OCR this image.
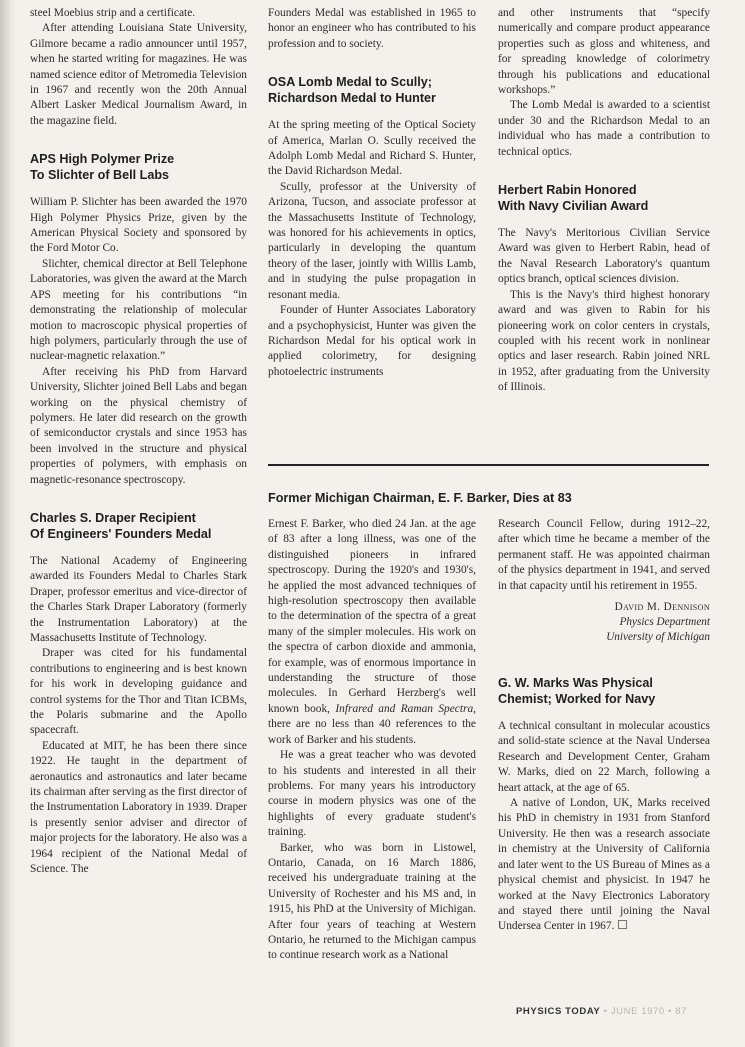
steel Moebius strip and a certificate.

After attending Louisiana State University, Gilmore became a radio announcer until 1957, when he started writing for magazines. He was named science editor of Metromedia Television in 1967 and recently won the 20th Annual Albert Lasker Medical Journalism Award, in the magazine field.

APS High Polymer Prize
To Slichter of Bell Labs

William P. Slichter has been awarded the 1970 High Polymer Physics Prize, given by the American Physical Society and sponsored by the Ford Motor Co.

Slichter, chemical director at Bell Telephone Laboratories, was given the award at the March APS meeting for his contributions “in demonstrating the relationship of molecular motion to macroscopic physical properties of high polymers, particularly through the use of nuclear-magnetic relaxation.”

After receiving his PhD from Harvard University, Slichter joined Bell Labs and began working on the physical chemistry of polymers. He later did research on the growth of semiconductor crystals and since 1953 has been involved in the structure and physical properties of polymers, with emphasis on magnetic-resonance spectroscopy.

Charles S. Draper Recipient
Of Engineers' Founders Medal

The National Academy of Engineering awarded its Founders Medal to Charles Stark Draper, professor emeritus and vice-director of the Charles Stark Draper Laboratory (formerly the Instrumentation Laboratory) at the Massachusetts Institute of Technology.

Draper was cited for his fundamental contributions to engineering and is best known for his work in developing guidance and control systems for the Thor and Titan ICBMs, the Polaris submarine and the Apollo spacecraft.

Educated at MIT, he has been there since 1922. He taught in the department of aeronautics and astronautics and later became its chairman after serving as the first director of the Instrumentation Laboratory in 1939. Draper is presently senior adviser and director of major projects for the laboratory. He also was a 1964 recipient of the National Medal of Science. The

Founders Medal was established in 1965 to honor an engineer who has contributed to his profession and to society.

OSA Lomb Medal to Scully;
Richardson Medal to Hunter

At the spring meeting of the Optical Society of America, Marlan O. Scully received the Adolph Lomb Medal and Richard S. Hunter, the David Richardson Medal.

Scully, professor at the University of Arizona, Tucson, and associate professor at the Massachusetts Institute of Technology, was honored for his achievements in optics, particularly in developing the quantum theory of the laser, jointly with Willis Lamb, and in studying the pulse propagation in resonant media.

Founder of Hunter Associates Laboratory and a psychophysicist, Hunter was given the Richardson Medal for his optical work in applied colorimetry, for designing photoelectric instruments

and other instruments that “specify numerically and compare product appearance properties such as gloss and whiteness, and for spreading knowledge of colorimetry through his publications and educational workshops.”

The Lomb Medal is awarded to a scientist under 30 and the Richardson Medal to an individual who has made a contribution to technical optics.

Herbert Rabin Honored
With Navy Civilian Award

The Navy's Meritorious Civilian Service Award was given to Herbert Rabin, head of the Naval Research Laboratory's quantum optics branch, optical sciences division.

This is the Navy's third highest honorary award and was given to Rabin for his pioneering work on color centers in crystals, coupled with his recent work in nonlinear optics and laser research. Rabin joined NRL in 1952, after graduating from the University of Illinois.

Former Michigan Chairman, E. F. Barker, Dies at 83

Ernest F. Barker, who died 24 Jan. at the age of 83 after a long illness, was one of the distinguished pioneers in infrared spectroscopy. During the 1920's and 1930's, he applied the most advanced techniques of high-resolution spectroscopy then available to the determination of the spectra of a great many of the simpler molecules. His work on the spectra of carbon dioxide and ammonia, for example, was of enormous importance in understanding the structure of those molecules. In Gerhard Herzberg's well known book, Infrared and Raman Spectra, there are no less than 40 references to the work of Barker and his students.

He was a great teacher who was devoted to his students and interested in all their problems. For many years his introductory course in modern physics was one of the highlights of every graduate student's training.

Barker, who was born in Listowel, Ontario, Canada, on 16 March 1886, received his undergraduate training at the University of Rochester and his MS and, in 1915, his PhD at the University of Michigan. After four years of teaching at Western Ontario, he returned to the Michigan campus to continue research work as a National

Research Council Fellow, during 1912–22, after which time he became a member of the permanent staff. He was appointed chairman of the physics department in 1941, and served in that capacity until his retirement in 1955.

David M. Dennison

Physics Department

University of Michigan

G. W. Marks Was Physical
Chemist; Worked for Navy

A technical consultant in molecular acoustics and solid-state science at the Naval Undersea Research and Development Center, Graham W. Marks, died on 22 March, following a heart attack, at the age of 65.

A native of London, UK, Marks received his PhD in chemistry in 1931 from Stanford University. He then was a research associate in chemistry at the University of California and later went to the US Bureau of Mines as a physical chemist and physicist. In 1947 he worked at the Navy Electronics Laboratory and stayed there until joining the Naval Undersea Center in 1967.

PHYSICS TODAY • JUNE 1970 • 87
